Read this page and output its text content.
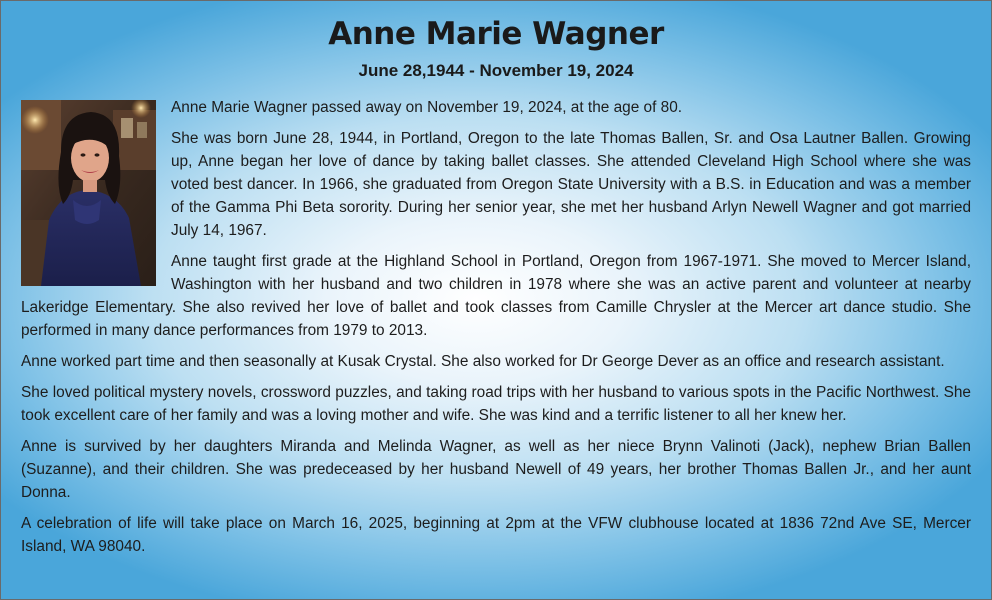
Anne Marie Wagner
June 28,1944 - November 19, 2024

Anne Marie Wagner passed away on November 19, 2024, at the age of 80.

She was born June 28, 1944, in Portland, Oregon to the late Thomas Ballen, Sr. and Osa Lautner Ballen. Growing up, Anne began her love of dance by taking ballet classes. She attended Cleveland High School where she was voted best dancer. In 1966, she graduated from Oregon State University with a B.S. in Education and was a member of the Gamma Phi Beta sorority. During her senior year, she met her husband Arlyn Newell Wagner and got married July 14, 1967.

Anne taught first grade at the Highland School in Portland, Oregon from 1967-1971. She moved to Mercer Island, Washington with her husband and two children in 1978 where she was an active parent and volunteer at nearby Lakeridge Elementary. She also revived her love of ballet and took classes from Camille Chrysler at the Mercer art dance studio. She performed in many dance performances from 1979 to 2013.

Anne worked part time and then seasonally at Kusak Crystal. She also worked for Dr George Dever as an office and research assistant.

She loved political mystery novels, crossword puzzles, and taking road trips with her husband to various spots in the Pacific Northwest. She took excellent care of her family and was a loving mother and wife. She was kind and a terrific listener to all her knew her.

Anne is survived by her daughters Miranda and Melinda Wagner, as well as her niece Brynn Valinoti (Jack), nephew Brian Ballen (Suzanne), and their children. She was predeceased by her husband Newell of 49 years, her brother Thomas Ballen Jr., and her aunt Donna.

A celebration of life will take place on March 16, 2025, beginning at 2pm at the VFW clubhouse located at 1836 72nd Ave SE, Mercer Island, WA 98040.
